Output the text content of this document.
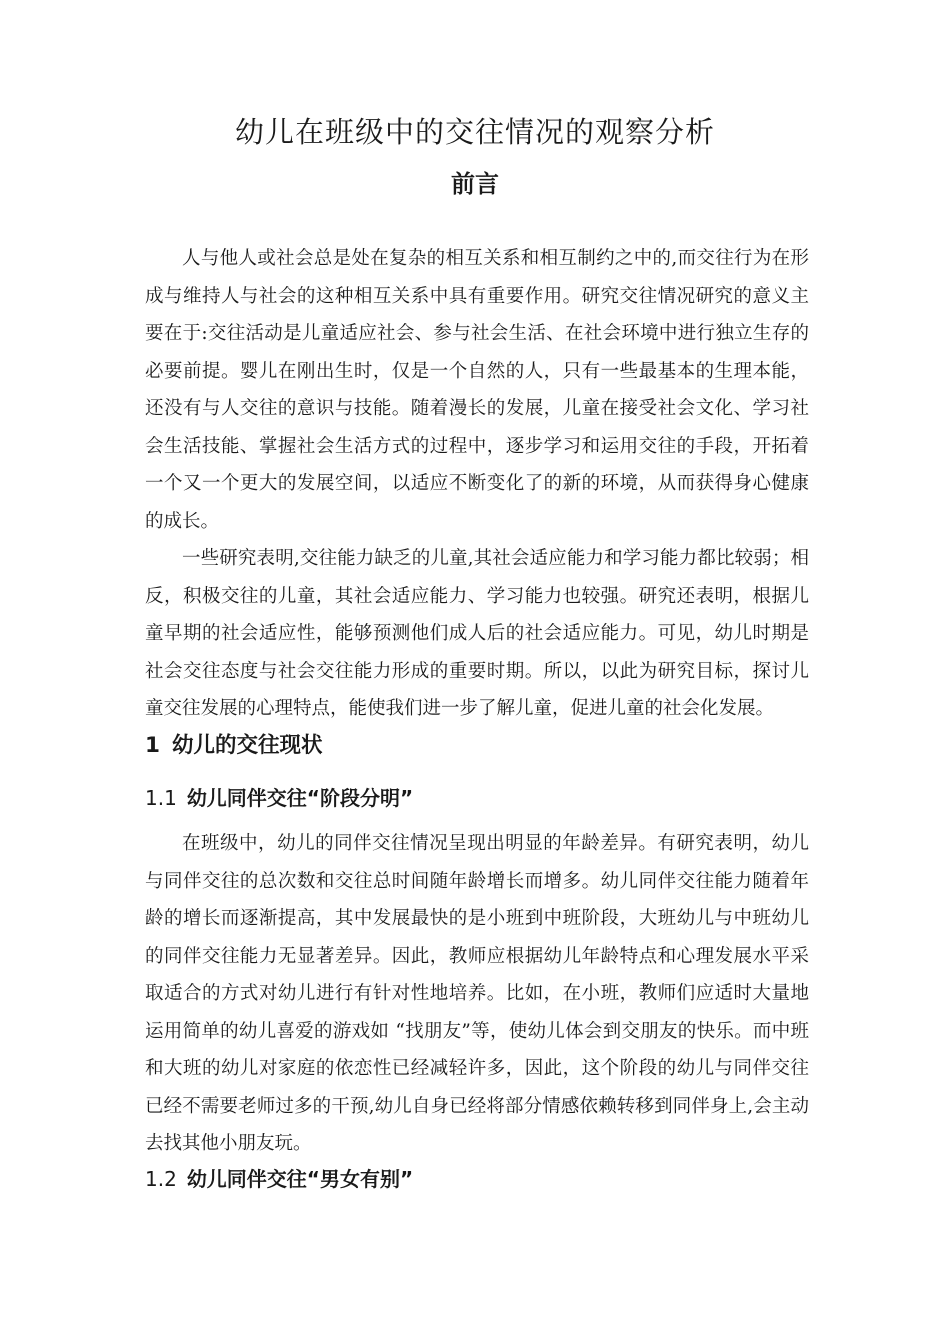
幼儿在班级中的交往情况的观察分析
前言

人与他人或社会总是处在复杂的相互关系和相互制约之中的,而交往行为在形成与维持人与社会的这种相互关系中具有重要作用。研究交往情况研究的意义主要在于:交往活动是儿童适应社会、参与社会生活、在社会环境中进行独立生存的必要前提。婴儿在刚出生时，仅是一个自然的人，只有一些最基本的生理本能，还没有与人交往的意识与技能。随着漫长的发展，儿童在接受社会文化、学习社会生活技能、掌握社会生活方式的过程中，逐步学习和运用交往的手段，开拓着一个又一个更大的发展空间，以适应不断变化了的新的环境，从而获得身心健康的成长。

一些研究表明,交往能力缺乏的儿童,其社会适应能力和学习能力都比较弱；相反，积极交往的儿童，其社会适应能力、学习能力也较强。研究还表明，根据儿童早期的社会适应性，能够预测他们成人后的社会适应能力。可见，幼儿时期是社会交往态度与社会交往能力形成的重要时期。所以，以此为研究目标，探讨儿童交往发展的心理特点，能使我们进一步了解儿童，促进儿童的社会化发展。

1 幼儿的交往现状
1.1 幼儿同伴交往“阶段分明”

在班级中，幼儿的同伴交往情况呈现出明显的年龄差异。有研究表明，幼儿与同伴交往的总次数和交往总时间随年龄增长而增多。幼儿同伴交往能力随着年龄的增长而逐渐提高，其中发展最快的是小班到中班阶段，大班幼儿与中班幼儿的同伴交往能力无显著差异。因此，教师应根据幼儿年龄特点和心理发展水平采取适合的方式对幼儿进行有针对性地培养。比如，在小班，教师们应适时大量地运用简单的幼儿喜爱的游戏如 “找朋友”等，使幼儿体会到交朋友的快乐。而中班和大班的幼儿对家庭的依恋性已经减轻许多，因此，这个阶段的幼儿与同伴交往已经不需要老师过多的干预,幼儿自身已经将部分情感依赖转移到同伴身上,会主动去找其他小朋友玩。

1.2 幼儿同伴交往“男女有别”
